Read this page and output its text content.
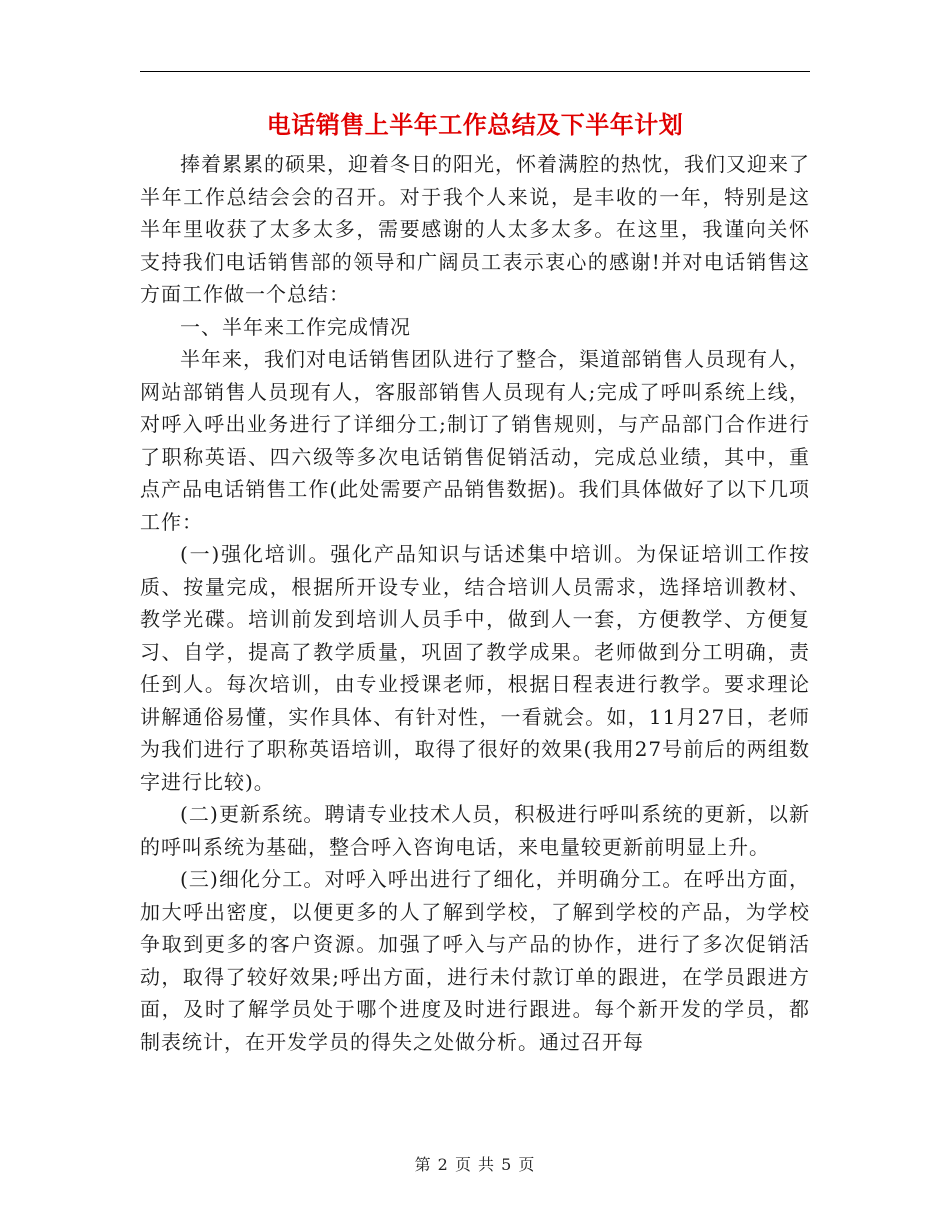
电话销售上半年工作总结及下半年计划

捧着累累的硕果，迎着冬日的阳光，怀着满腔的热忱，我们又迎来了半年工作总结会会的召开。对于我个人来说，是丰收的一年，特别是这半年里收获了太多太多，需要感谢的人太多太多。在这里，我谨向关怀支持我们电话销售部的领导和广阔员工表示衷心的感谢!并对电话销售这方面工作做一个总结：

一、半年来工作完成情况

半年来，我们对电话销售团队进行了整合，渠道部销售人员现有人，网站部销售人员现有人，客服部销售人员现有人;完成了呼叫系统上线，对呼入呼出业务进行了详细分工;制订了销售规则，与产品部门合作进行了职称英语、四六级等多次电话销售促销活动，完成总业绩，其中，重点产品电话销售工作(此处需要产品销售数据)。我们具体做好了以下几项工作：

(一)强化培训。强化产品知识与话述集中培训。为保证培训工作按质、按量完成，根据所开设专业，结合培训人员需求，选择培训教材、教学光碟。培训前发到培训人员手中，做到人一套，方便教学、方便复习、自学，提高了教学质量，巩固了教学成果。老师做到分工明确，责任到人。每次培训，由专业授课老师，根据日程表进行教学。要求理论讲解通俗易懂，实作具体、有针对性，一看就会。如，11月27日，老师为我们进行了职称英语培训，取得了很好的效果(我用27号前后的两组数字进行比较)。

(二)更新系统。聘请专业技术人员，积极进行呼叫系统的更新，以新的呼叫系统为基础，整合呼入咨询电话，来电量较更新前明显上升。

(三)细化分工。对呼入呼出进行了细化，并明确分工。在呼出方面，加大呼出密度，以便更多的人了解到学校，了解到学校的产品，为学校争取到更多的客户资源。加强了呼入与产品的协作，进行了多次促销活动，取得了较好效果;呼出方面，进行未付款订单的跟进，在学员跟进方面，及时了解学员处于哪个进度及时进行跟进。每个新开发的学员，都制表统计，在开发学员的得失之处做分析。通过召开每

第 2 页 共 5 页
